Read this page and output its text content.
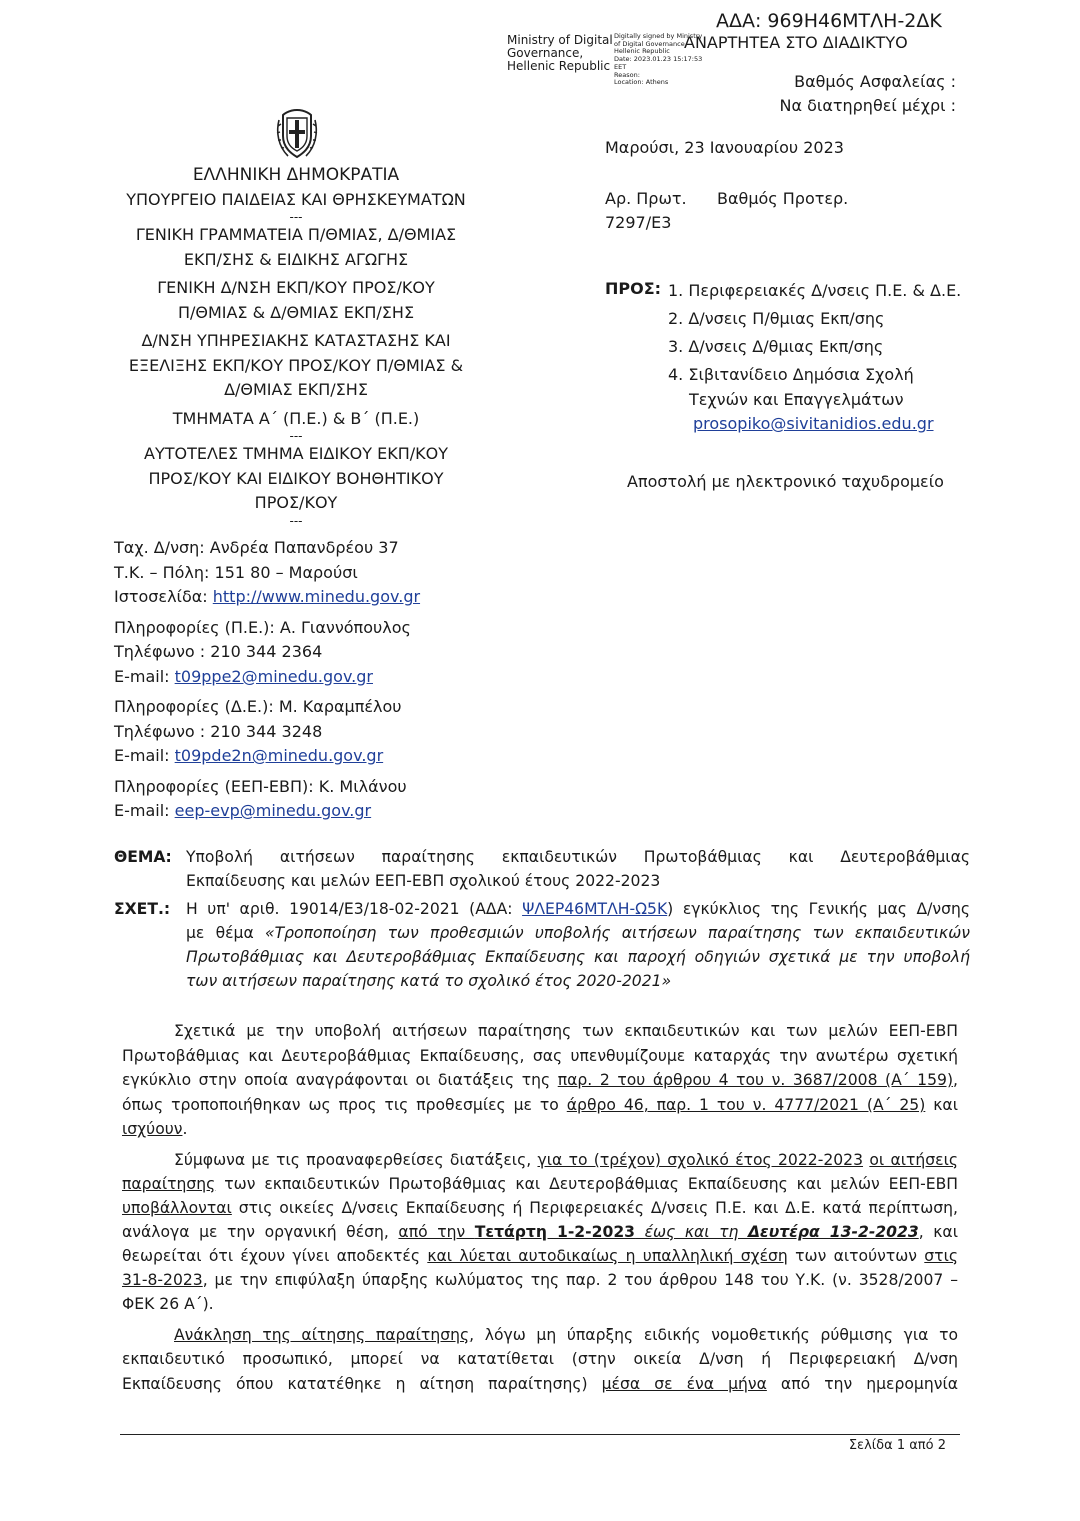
ΑΔΑ: 969Η46ΜΤΛΗ-2ΔΚ
Ministry of Digital
Governance,
Hellenic Republic
Digitally signed by Ministry
of Digital Governance,
Hellenic Republic
Date: 2023.01.23 15:17:53
EET
Reason:
Location: Athens
ΑΝΑΡΤΗΤΕΑ ΣΤΟ ΔΙΑΔΙΚΤΥΟ
Βαθμός Ασφαλείας :
Να διατηρηθεί μέχρι :
ΕΛΛΗΝΙΚΗ ΔΗΜΟΚΡΑΤΙΑ
ΥΠΟΥΡΓΕΙΟ ΠΑΙΔΕΙΑΣ ΚΑΙ ΘΡΗΣΚΕΥΜΑΤΩΝ
---
ΓΕΝΙΚΗ ΓΡΑΜΜΑΤΕΙΑ Π/ΘΜΙΑΣ, Δ/ΘΜΙΑΣ
ΕΚΠ/ΣΗΣ & ΕΙΔΙΚΗΣ ΑΓΩΓΗΣ
ΓΕΝΙΚΗ Δ/ΝΣΗ ΕΚΠ/ΚΟΥ ΠΡΟΣ/ΚΟΥ
Π/ΘΜΙΑΣ & Δ/ΘΜΙΑΣ ΕΚΠ/ΣΗΣ
Δ/ΝΣΗ ΥΠΗΡΕΣΙΑΚΗΣ ΚΑΤΑΣΤΑΣΗΣ ΚΑΙ
ΕΞΕΛΙΞΗΣ ΕΚΠ/ΚΟΥ ΠΡΟΣ/ΚΟΥ Π/ΘΜΙΑΣ &
Δ/ΘΜΙΑΣ ΕΚΠ/ΣΗΣ
ΤΜΗΜΑΤΑ Α΄ (Π.Ε.) & Β΄ (Π.Ε.)
---
ΑΥΤΟΤΕΛΕΣ ΤΜΗΜΑ ΕΙΔΙΚΟΥ ΕΚΠ/ΚΟΥ
ΠΡΟΣ/ΚΟΥ ΚΑΙ ΕΙΔΙΚΟΥ ΒΟΗΘΗΤΙΚΟΥ
ΠΡΟΣ/ΚΟΥ
---
Ταχ. Δ/νση: Ανδρέα Παπανδρέου 37
Τ.Κ. – Πόλη: 151 80 – Μαρούσι
Ιστοσελίδα: http://www.minedu.gov.gr
Πληροφορίες (Π.Ε.): Α. Γιαννόπουλος
Τηλέφωνο : 210 344 2364
E-mail: t09ppe2@minedu.gov.gr
Πληροφορίες (Δ.Ε.): Μ. Καραμπέλου
Τηλέφωνο : 210 344 3248
E-mail: t09pde2n@minedu.gov.gr
Πληροφορίες (ΕΕΠ-ΕΒΠ): Κ. Μιλάνου
E-mail: eep-evp@minedu.gov.gr
Μαρούσι, 23 Ιανουαρίου 2023
Αρ. Πρωτ. Βαθμός Προτερ.
7297/Ε3
ΠΡΟΣ: 1. Περιφερειακές Δ/νσεις Π.Ε. & Δ.Ε.
2. Δ/νσεις Π/θμιας Εκπ/σης
3. Δ/νσεις Δ/θμιας Εκπ/σης
4. Σιβιτανίδειο Δημόσια Σχολή
Τεχνών και Επαγγελμάτων
prosopiko@sivitanidios.edu.gr
Αποστολή με ηλεκτρονικό ταχυδρομείο
ΘΕΜΑ: Υποβολή αιτήσεων παραίτησης εκπαιδευτικών Πρωτοβάθμιας και Δευτεροβάθμιας
Εκπαίδευσης και μελών ΕΕΠ-ΕΒΠ σχολικού έτους 2022-2023
ΣΧΕΤ.: Η υπ' αριθ. 19014/Ε3/18-02-2021 (ΑΔΑ: ΨΛΕΡ46ΜΤΛΗ-Ω5Κ) εγκύκλιος της Γενικής μας Δ/νσης
με θέμα «Τροποποίηση των προθεσμιών υποβολής αιτήσεων παραίτησης των εκπαιδευτικών
Πρωτοβάθμιας και Δευτεροβάθμιας Εκπαίδευσης και παροχή οδηγιών σχετικά με την υποβολή
των αιτήσεων παραίτησης κατά το σχολικό έτος 2020-2021»
Σχετικά με την υποβολή αιτήσεων παραίτησης των εκπαιδευτικών και των μελών ΕΕΠ-ΕΒΠ
Πρωτοβάθμιας και Δευτεροβάθμιας Εκπαίδευσης, σας υπενθυμίζουμε καταρχάς την ανωτέρω σχετική
εγκύκλιο στην οποία αναγράφονται οι διατάξεις της παρ. 2 του άρθρου 4 του ν. 3687/2008 (Α΄ 159),
όπως τροποποιήθηκαν ως προς τις προθεσμίες με το άρθρο 46, παρ. 1 του ν. 4777/2021 (Α΄ 25) και
ισχύουν.
Σύμφωνα με τις προαναφερθείσες διατάξεις, για το (τρέχον) σχολικό έτος 2022-2023 οι αιτήσεις
παραίτησης των εκπαιδευτικών Πρωτοβάθμιας και Δευτεροβάθμιας Εκπαίδευσης και μελών ΕΕΠ-ΕΒΠ
υποβάλλονται στις οικείες Δ/νσεις Εκπαίδευσης ή Περιφερειακές Δ/νσεις Π.Ε. και Δ.Ε. κατά περίπτωση,
ανάλογα με την οργανική θέση, από την Τετάρτη 1-2-2023 έως και τη Δευτέρα 13-2-2023, και
θεωρείται ότι έχουν γίνει αποδεκτές και λύεται αυτοδικαίως η υπαλληλική σχέση των αιτούντων στις
31-8-2023, με την επιφύλαξη ύπαρξης κωλύματος της παρ. 2 του άρθρου 148 του Υ.Κ. (ν. 3528/2007 –
ΦΕΚ 26 Α΄).
Ανάκληση της αίτησης παραίτησης, λόγω μη ύπαρξης ειδικής νομοθετικής ρύθμισης για το
εκπαιδευτικό προσωπικό, μπορεί να κατατίθεται (στην οικεία Δ/νση ή Περιφερειακή Δ/νση
Εκπαίδευσης όπου κατατέθηκε η αίτηση παραίτησης) μέσα σε ένα μήνα από την ημερομηνία
Σελίδα 1 από 2
